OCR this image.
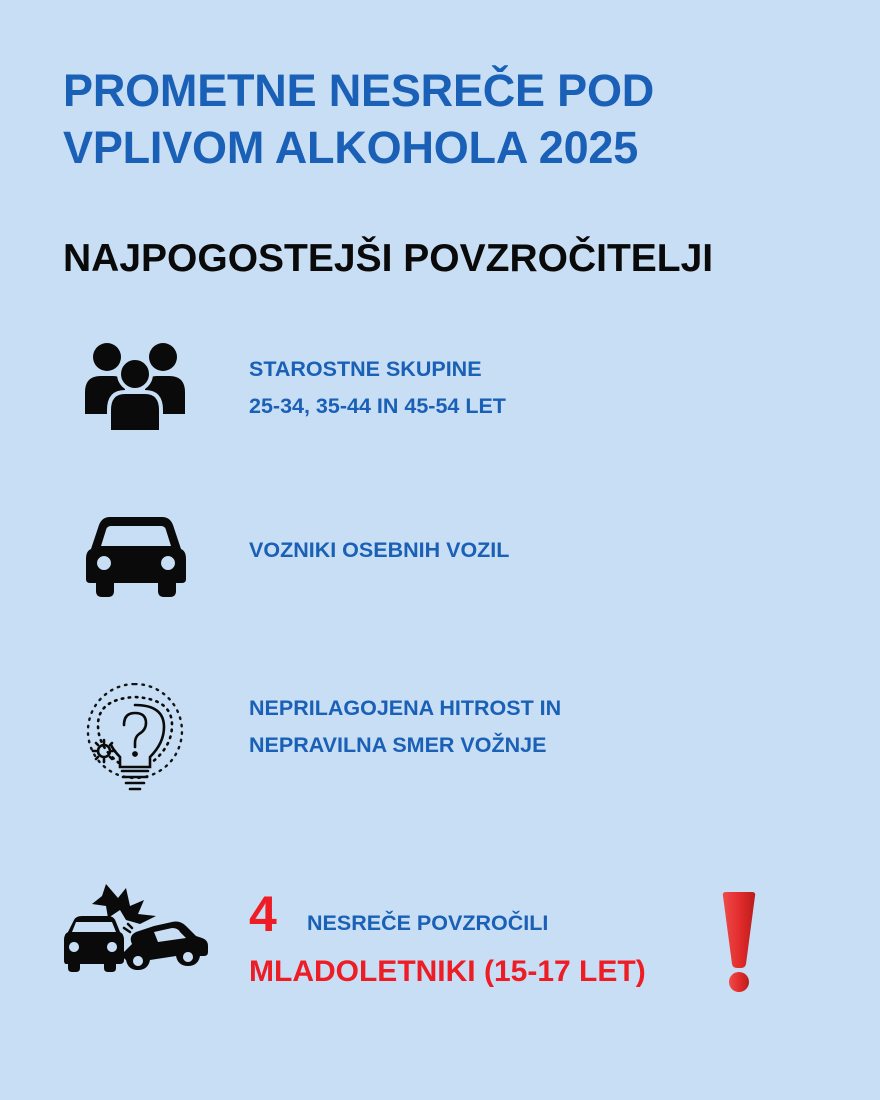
PROMETNE NESREČE POD
VPLIVOM ALKOHOLA 2025
NAJPOGOSTEJŠI POVZROČITELJI
STAROSTNE SKUPINE
25-34, 35-44 IN 45-54 LET
VOZNIKI OSEBNIH VOZIL
NEPRILAGOJENA HITROST IN
NEPRAVILNA SMER VOŽNJE
4 NESREČE POVZROČILI
MLADOLETNIKI (15-17 LET)
